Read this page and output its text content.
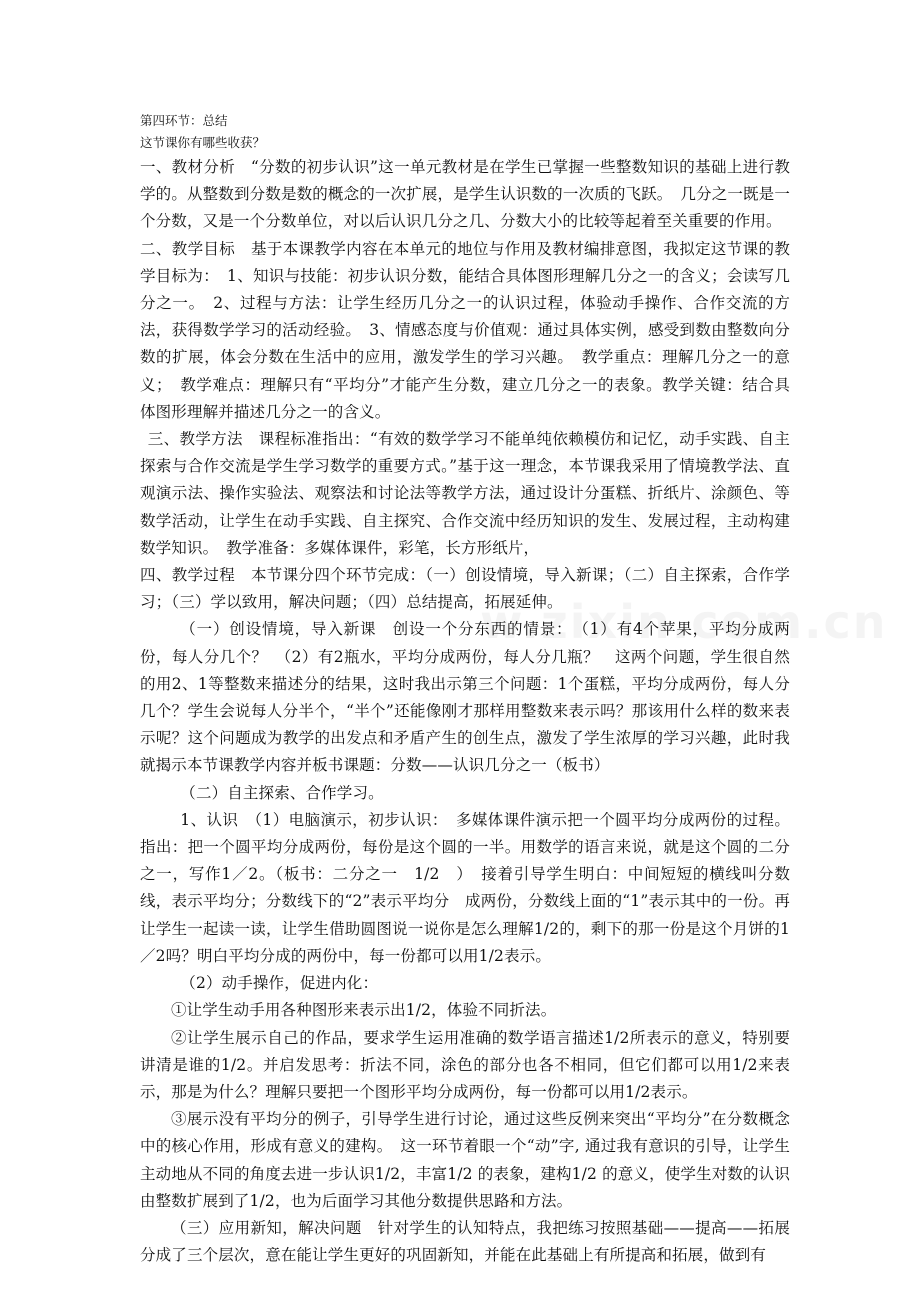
第四环节：总结
这节课你有哪些收获？

一、教材分析　“分数的初步认识”这一单元教材是在学生已掌握一些整数知识的基础上进行教学的。从整数到分数是数的概念的一次扩展，是学生认识数的一次质的飞跃。　几分之一既是一个分数，又是一个分数单位，对以后认识几分之几、分数大小的比较等起着至关重要的作用。

二、教学目标　基于本课教学内容在本单元的地位与作用及教材编排意图，我拟定这节课的教学目标为：　1、知识与技能：初步认识分数，能结合具体图形理解几分之一的含义；会读写几分之一。　2、过程与方法：让学生经历几分之一的认识过程，体验动手操作、合作交流的方法，获得数学学习的活动经验。　3、情感态度与价值观：通过具体实例，感受到数由整数向分数的扩展，体会分数在生活中的应用，激发学生的学习兴趣。　教学重点：理解几分之一的意义；　教学难点：理解只有“平均分”才能产生分数，建立几分之一的表象。教学关键：结合具体图形理解并描述几分之一的含义。

三、教学方法　课程标准指出：“有效的数学学习不能单纯依赖模仿和记忆，动手实践、自主探索与合作交流是学生学习数学的重要方式。”基于这一理念，本节课我采用了情境教学法、直观演示法、操作实验法、观察法和讨论法等教学方法，通过设计分蛋糕、折纸片、涂颜色、等数学活动，让学生在动手实践、自主探究、合作交流中经历知识的发生、发展过程，主动构建数学知识。　教学准备：多媒体课件，彩笔，长方形纸片，

四、教学过程　本节课分四个环节完成：（一）创设情境，导入新课；（二）自主探索，合作学习；（三）学以致用，解决问题；（四）总结提高，拓展延伸。

（一）创设情境，导入新课　创设一个分东西的情景：　（1）有4个苹果，平均分成两份，每人分几个？　（2）有2瓶水，平均分成两份，每人分几瓶？　这两个问题，学生很自然的用2、1等整数来描述分的结果，这时我出示第三个问题：1个蛋糕，平均分成两份，每人分几个？学生会说每人分半个，“半个”还能像刚才那样用整数来表示吗？那该用什么样的数来表示呢？这个问题成为教学的出发点和矛盾产生的创生点，激发了学生浓厚的学习兴趣，此时我就揭示本节课教学内容并板书课题：分数——认识几分之一（板书）

（二）自主探索、合作学习。

1、认识　（1）电脑演示，初步认识：　多媒体课件演示把一个圆平均分成两份的过程。指出：把一个圆平均分成两份，每份是这个圆的一半。用数学的语言来说，就是这个圆的二分之一，写作1／2。（板书：二分之一　1/2　）　接着引导学生明白：中间短短的横线叫分数线，表示平均分；分数线下的“2”表示平均分　成两份，分数线上面的“1”表示其中的一份。再让学生一起读一读，让学生借助圆图说一说你是怎么理解1/2的，剩下的那一份是这个月饼的1／2吗？明白平均分成的两份中，每一份都可以用1/2表示。

（2）动手操作，促进内化：

①让学生动手用各种图形来表示出1/2，体验不同折法。

②让学生展示自己的作品，要求学生运用准确的数学语言描述1/2所表示的意义，特别要讲清是谁的1/2。并启发思考：折法不同，涂色的部分也各不相同，但它们都可以用1/2来表示，那是为什么？理解只要把一个图形平均分成两份，每一份都可以用1/2表示。

③展示没有平均分的例子，引导学生进行讨论，通过这些反例来突出“平均分”在分数概念中的核心作用，形成有意义的建构。　这一环节着眼一个“动”字, 通过我有意识的引导，让学生主动地从不同的角度去进一步认识1/2，丰富1/2 的表象，建构1/2 的意义，使学生对数的认识由整数扩展到了1/2，也为后面学习其他分数提供思路和方法。

（三）应用新知，解决问题　针对学生的认知特点，我把练习按照基础——提高——拓展分成了三个层次，意在能让学生更好的巩固新知，并能在此基础上有所提高和拓展，做到有
